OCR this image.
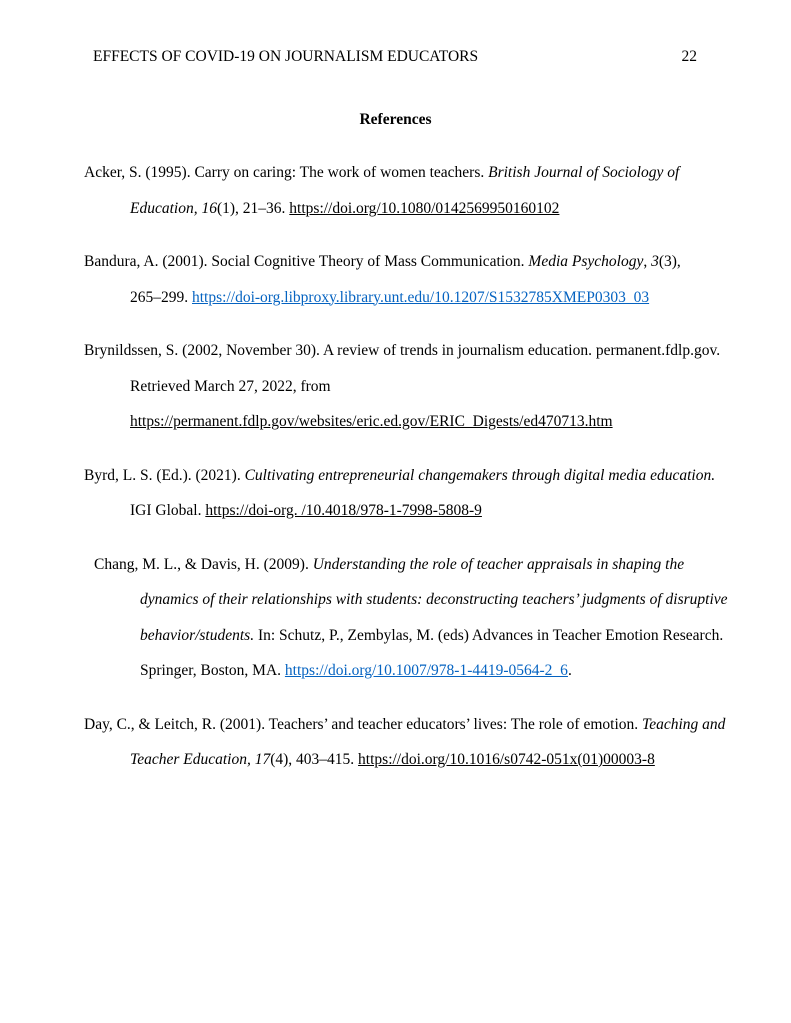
EFFECTS OF COVID-19 ON JOURNALISM EDUCATORS	22
References

Acker, S. (1995). Carry on caring: The work of women teachers. British Journal of Sociology of Education, 16(1), 21–36. https://doi.org/10.1080/0142569950160102

Bandura, A. (2001). Social Cognitive Theory of Mass Communication. Media Psychology, 3(3),
265–299. https://doi-org.libproxy.library.unt.edu/10.1207/S1532785XMEP0303_03

Brynildssen, S. (2002, November 30). A review of trends in journalism education. permanent.fdlp.gov. Retrieved March 27, 2022, from https://permanent.fdlp.gov/websites/eric.ed.gov/ERIC_Digests/ed470713.htm

Byrd, L. S. (Ed.). (2021). Cultivating entrepreneurial changemakers through digital media education. IGI Global. https://doi-org. /10.4018/978-1-7998-5808-9

Chang, M. L., & Davis, H. (2009). Understanding the role of teacher appraisals in shaping the dynamics of their relationships with students: deconstructing teachers’ judgments of disruptive behavior/students. In: Schutz, P., Zembylas, M. (eds) Advances in Teacher Emotion Research. Springer, Boston, MA. https://doi.org/10.1007/978-1-4419-0564-2_6.

Day, C., & Leitch, R. (2001). Teachers’ and teacher educators’ lives: The role of emotion. Teaching and Teacher Education, 17(4), 403–415. https://doi.org/10.1016/s0742-051x(01)00003-8
